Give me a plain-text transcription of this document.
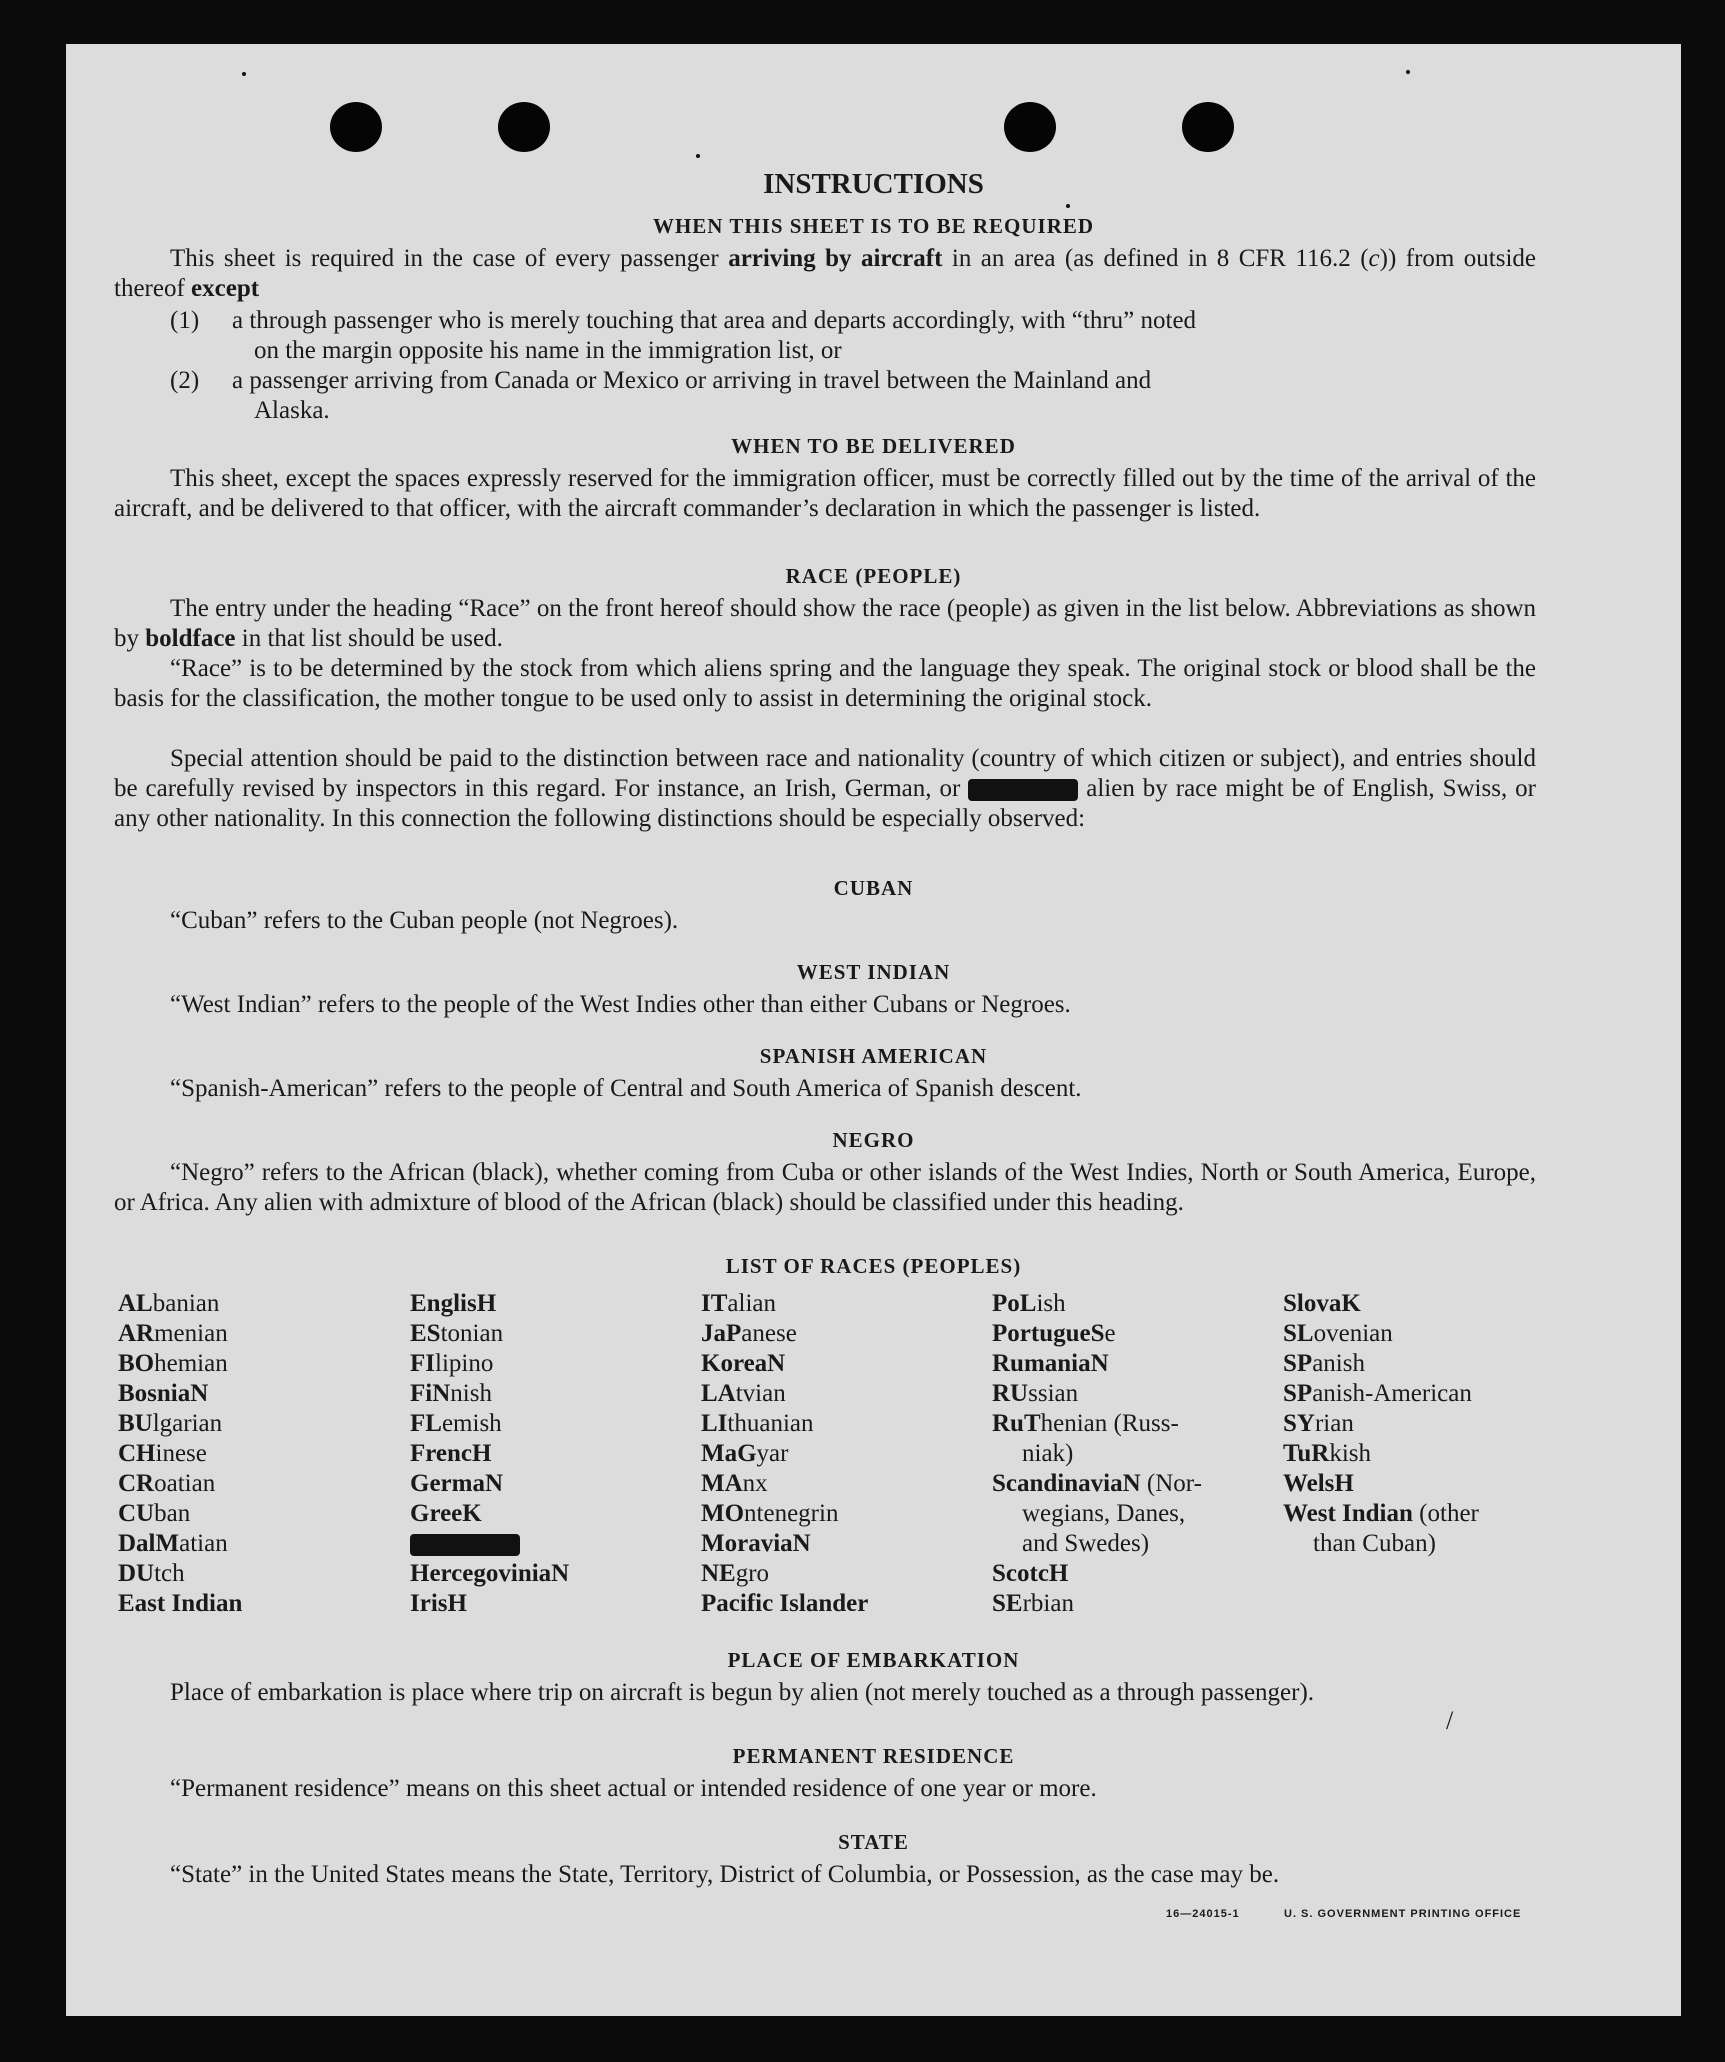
INSTRUCTIONS
WHEN THIS SHEET IS TO BE REQUIRED
This sheet is required in the case of every passenger arriving by aircraft in an area (as defined in 8 CFR 116.2 (c)) from outside thereof except
(1)	a through passenger who is merely touching that area and departs accordingly, with “thru” noted
on the margin opposite his name in the immigration list, or
(2)	a passenger arriving from Canada or Mexico or arriving in travel between the Mainland and
Alaska.
WHEN TO BE DELIVERED
This sheet, except the spaces expressly reserved for the immigration officer, must be correctly filled out by the time of the arrival of the aircraft, and be delivered to that officer, with the aircraft commander’s declaration in which the passenger is listed.
RACE (PEOPLE)
The entry under the heading “Race” on the front hereof should show the race (people) as given in the list below. Abbreviations as shown by boldface in that list should be used.
“Race” is to be determined by the stock from which aliens spring and the language they speak. The original stock or blood shall be the basis for the classification, the mother tongue to be used only to assist in determining the original stock.
Special attention should be paid to the distinction between race and nationality (country of which citizen or subject), and entries should be carefully revised by inspectors in this regard. For instance, an Irish, German, or	alien by race might be of English, Swiss, or any other nationality. In this connection the following distinctions should be especially observed:
CUBAN
“Cuban” refers to the Cuban people (not Negroes).
WEST INDIAN
“West Indian” refers to the people of the West Indies other than either Cubans or Negroes.
SPANISH AMERICAN
“Spanish-American” refers to the people of Central and South America of Spanish descent.
NEGRO
“Negro” refers to the African (black), whether coming from Cuba or other islands of the West Indies, North or South America, Europe, or Africa. Any alien with admixture of blood of the African (black) should be classified under this heading.
LIST OF RACES (PEOPLES)
ALbanian
ARmenian
BOhemian
BosniaN
BUlgarian
CHinese
CRoatian
CUban
DalMatian
DUtch
East Indian
EnglisH
EStonian
FIlipino
FiNnish
FLemish
FrencH
GermaN
GreeK
HercegoviniaN
IrisH
ITalian
JaPanese
KoreaN
LAtvian
LIthuanian
MaGyar
MAnx
MOntenegrin
MoraviaN
NEgro
Pacific Islander
PoLish
PortugueSe
RumaniaN
RUssian
RuThenian (Russ-
niak)
ScandinaviaN (Nor-
wegians, Danes,
and Swedes)
ScotcH
SErbian
SlovaK
SLovenian
SPanish
SPanish-American
SYrian
TuRkish
WelsH
West Indian (other
than Cuban)
PLACE OF EMBARKATION
Place of embarkation is place where trip on aircraft is begun by alien (not merely touched as a through passenger).
PERMANENT RESIDENCE
“Permanent residence” means on this sheet actual or intended residence of one year or more.
STATE
“State” in the United States means the State, Territory, District of Columbia, or Possession, as the case may be.
16—24015-1	U. S. GOVERNMENT PRINTING OFFICE
/
